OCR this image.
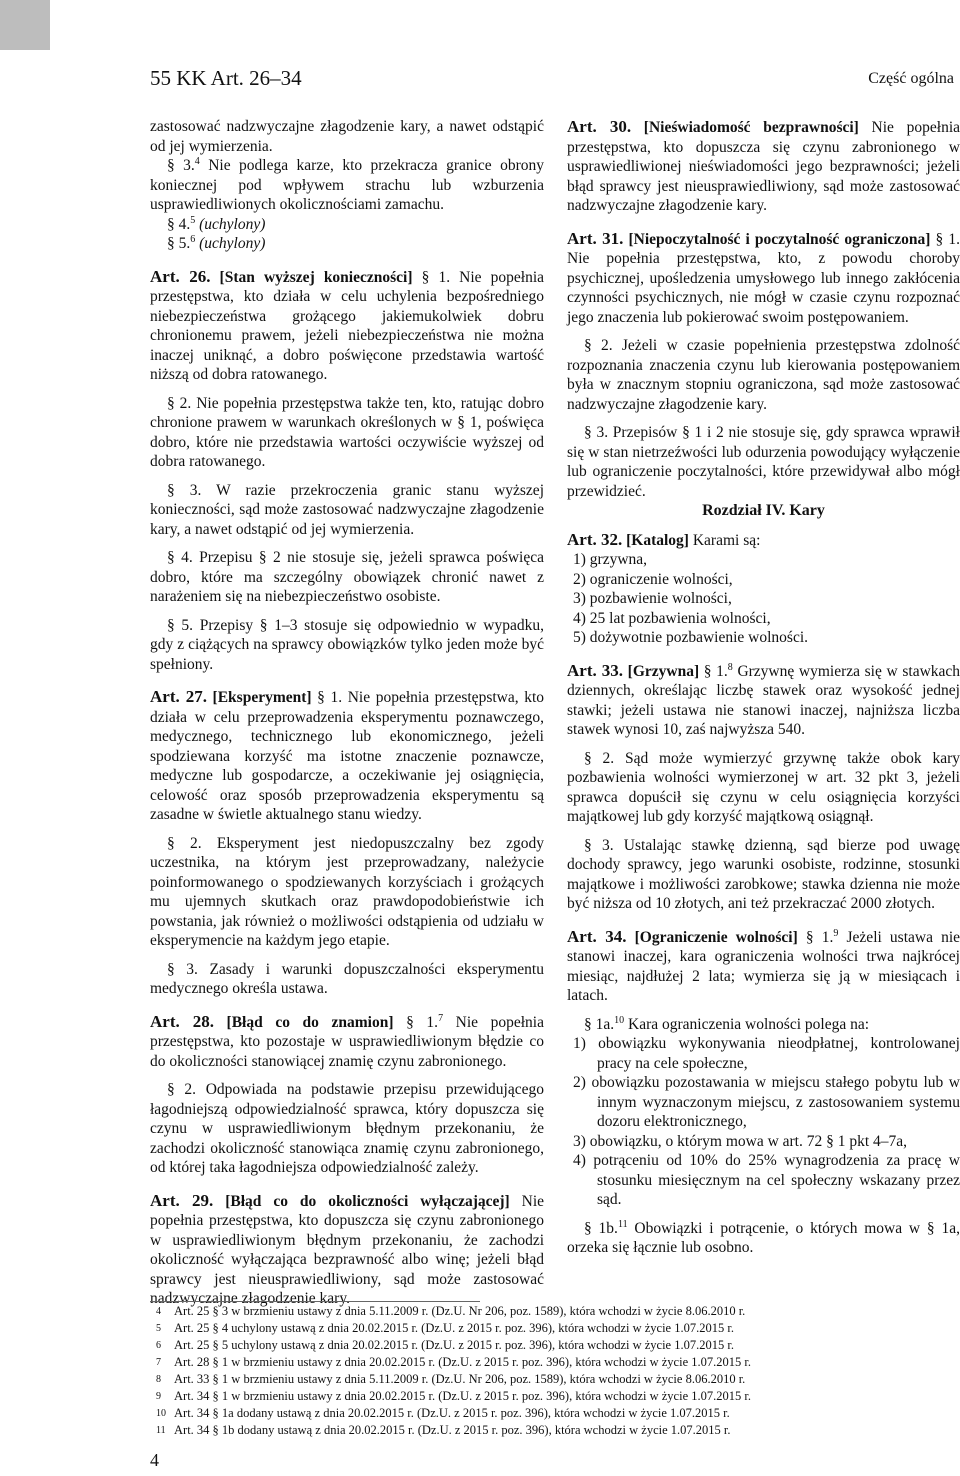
55 KK Art. 26–34	Część ogólna

zastosować nadzwyczajne złagodzenie kary, a nawet odstąpić od jej wymierzenia.

§ 3.$^4$ Nie podlega karze, kto przekracza granice obrony koniecznej pod wpływem strachu lub wzburzenia usprawiedliwionych okolicznościami zamachu.

§ 4.$^5$ (uchylony)

§ 5.$^6$ (uchylony)

Art. 26. [Stan wyższej konieczności] § 1. Nie popełnia przestępstwa, kto działa w celu uchylenia bezpośredniego niebezpieczeństwa grożącego jakiemukolwiek dobru chronionemu prawem, jeżeli niebezpieczeństwa nie można inaczej uniknąć, a dobro poświęcone przedstawia wartość niższą od dobra ratowanego.

§ 2. Nie popełnia przestępstwa także ten, kto, ratując dobro chronione prawem w warunkach określonych w § 1, poświęca dobro, które nie przedstawia wartości oczywiście wyższej od dobra ratowanego.

§ 3. W razie przekroczenia granic stanu wyższej konieczności, sąd może zastosować nadzwyczajne złagodzenie kary, a nawet odstąpić od jej wymierzenia.

§ 4. Przepisu § 2 nie stosuje się, jeżeli sprawca poświęca dobro, które ma szczególny obowiązek chronić nawet z narażeniem się na niebezpieczeństwo osobiste.

§ 5. Przepisy § 1–3 stosuje się odpowiednio w wypadku, gdy z ciążących na sprawcy obowiązków tylko jeden może być spełniony.

Art. 27. [Eksperyment] § 1. Nie popełnia przestępstwa, kto działa w celu przeprowadzenia eksperymentu poznawczego, medycznego, technicznego lub ekonomicznego, jeżeli spodziewana korzyść ma istotne znaczenie poznawcze, medyczne lub gospodarcze, a oczekiwanie jej osiągnięcia, celowość oraz sposób przeprowadzenia eksperymentu są zasadne w świetle aktualnego stanu wiedzy.

§ 2. Eksperyment jest niedopuszczalny bez zgody uczestnika, na którym jest przeprowadzany, należycie poinformowanego o spodziewanych korzyściach i grożących mu ujemnych skutkach oraz prawdopodobieństwie ich powstania, jak również o możliwości odstąpienia od udziału w eksperymencie na każdym jego etapie.

§ 3. Zasady i warunki dopuszczalności eksperymentu medycznego określa ustawa.

Art. 28. [Błąd co do znamion] § 1.$^7$ Nie popełnia przestępstwa, kto pozostaje w usprawiedliwionym błędzie co do okoliczności stanowiącej znamię czynu zabronionego.

§ 2. Odpowiada na podstawie przepisu przewidującego łagodniejszą odpowiedzialność sprawca, który dopuszcza się czynu w usprawiedliwionym błędnym przekonaniu, że zachodzi okoliczność stanowiąca znamię czynu zabronionego, od której taka łagodniejsza odpowiedzialność zależy.

Art. 29. [Błąd co do okoliczności wyłączającej] Nie popełnia przestępstwa, kto dopuszcza się czynu zabronionego w usprawiedliwionym błędnym przekonaniu, że zachodzi okoliczność wyłączająca bezprawność albo winę; jeżeli błąd sprawcy jest nieusprawiedliwiony, sąd może zastosować nadzwyczajne złagodzenie kary.

Art. 30. [Nieświadomość bezprawności] Nie popełnia przestępstwa, kto dopuszcza się czynu zabronionego w usprawiedliwionej nieświadomości jego bezprawności; jeżeli błąd sprawcy jest nieusprawiedliwiony, sąd może zastosować nadzwyczajne złagodzenie kary.

Art. 31. [Niepoczytalność i poczytalność ograniczona] § 1. Nie popełnia przestępstwa, kto, z powodu choroby psychicznej, upośledzenia umysłowego lub innego zakłócenia czynności psychicznych, nie mógł w czasie czynu rozpoznać jego znaczenia lub pokierować swoim postępowaniem.

§ 2. Jeżeli w czasie popełnienia przestępstwa zdolność rozpoznania znaczenia czynu lub kierowania postępowaniem była w znacznym stopniu ograniczona, sąd może zastosować nadzwyczajne złagodzenie kary.

§ 3. Przepisów § 1 i 2 nie stosuje się, gdy sprawca wprawił się w stan nietrzeźwości lub odurzenia powodujący wyłączenie lub ograniczenie poczytalności, które przewidywał albo mógł przewidzieć.

Rozdział IV. Kary

Art. 32. [Katalog] Karami są:

1) grzywna,
2) ograniczenie wolności,
3) pozbawienie wolności,
4) 25 lat pozbawienia wolności,
5) dożywotnie pozbawienie wolności.

Art. 33. [Grzywna] § 1.$^8$ Grzywnę wymierza się w stawkach dziennych, określając liczbę stawek oraz wysokość jednej stawki; jeżeli ustawa nie stanowi inaczej, najniższa liczba stawek wynosi 10, zaś najwyższa 540.

§ 2. Sąd może wymierzyć grzywnę także obok kary pozbawienia wolności wymierzonej w art. 32 pkt 3, jeżeli sprawca dopuścił się czynu w celu osiągnięcia korzyści majątkowej lub gdy korzyść majątkową osiągnął.

§ 3. Ustalając stawkę dzienną, sąd bierze pod uwagę dochody sprawcy, jego warunki osobiste, rodzinne, stosunki majątkowe i możliwości zarobkowe; stawka dzienna nie może być niższa od 10 złotych, ani też przekraczać 2000 złotych.

Art. 34. [Ograniczenie wolności] § 1.$^9$ Jeżeli ustawa nie stanowi inaczej, kara ograniczenia wolności trwa najkrócej miesiąc, najdłużej 2 lata; wymierza się ją w miesiącach i latach.

§ 1a.$^{10}$ Kara ograniczenia wolności polega na:

1) obowiązku wykonywania nieodpłatnej, kontrolowanej pracy na cele społeczne,
2) obowiązku pozostawania w miejscu stałego pobytu lub w innym wyznaczonym miejscu, z zastosowaniem systemu dozoru elektronicznego,
3) obowiązku, o którym mowa w art. 72 § 1 pkt 4–7a,
4) potrąceniu od 10% do 25% wynagrodzenia za pracę w stosunku miesięcznym na cel społeczny wskazany przez sąd.

§ 1b.$^{11}$ Obowiązki i potrącenie, o których mowa w § 1a, orzeka się łącznie lub osobno.

4 Art. 25 § 3 w brzmieniu ustawy z dnia 5.11.2009 r. (Dz.U. Nr 206, poz. 1589), która wchodzi w życie 8.06.2010 r.
5 Art. 25 § 4 uchylony ustawą z dnia 20.02.2015 r. (Dz.U. z 2015 r. poz. 396), która wchodzi w życie 1.07.2015 r.
6 Art. 25 § 5 uchylony ustawą z dnia 20.02.2015 r. (Dz.U. z 2015 r. poz. 396), która wchodzi w życie 1.07.2015 r.
7 Art. 28 § 1 w brzmieniu ustawy z dnia 20.02.2015 r. (Dz.U. z 2015 r. poz. 396), która wchodzi w życie 1.07.2015 r.
8 Art. 33 § 1 w brzmieniu ustawy z dnia 5.11.2009 r. (Dz.U. Nr 206, poz. 1589), która wchodzi w życie 8.06.2010 r.
9 Art. 34 § 1 w brzmieniu ustawy z dnia 20.02.2015 r. (Dz.U. z 2015 r. poz. 396), która wchodzi w życie 1.07.2015 r.
10 Art. 34 § 1a dodany ustawą z dnia 20.02.2015 r. (Dz.U. z 2015 r. poz. 396), która wchodzi w życie 1.07.2015 r.
11 Art. 34 § 1b dodany ustawą z dnia 20.02.2015 r. (Dz.U. z 2015 r. poz. 396), która wchodzi w życie 1.07.2015 r.
4
